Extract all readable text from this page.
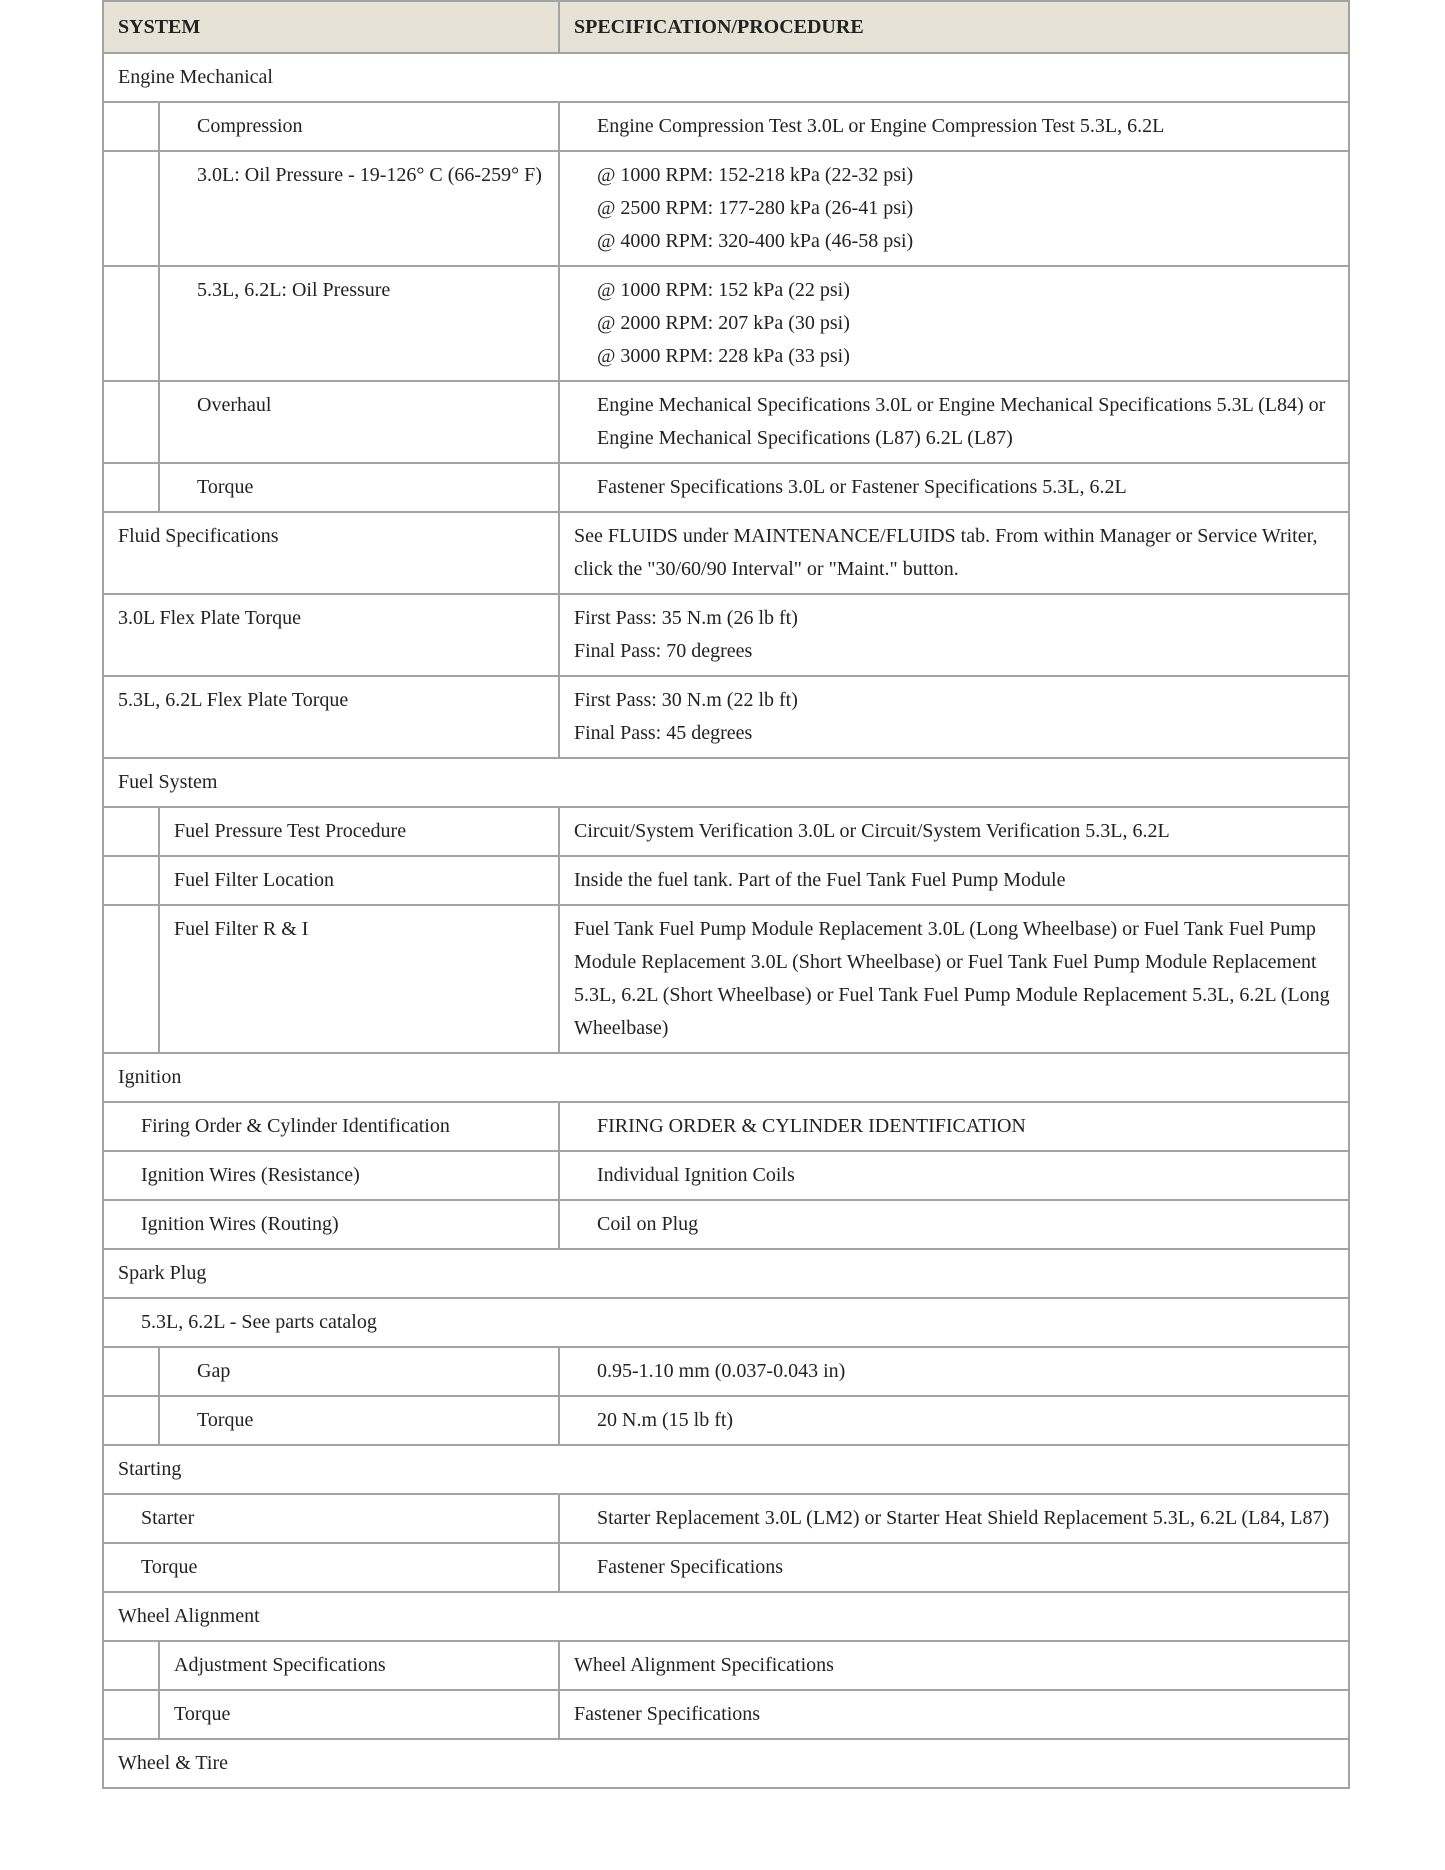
SYSTEM		SPECIFICATION/PROCEDURE

Engine Mechanical		

	Compression	Engine Compression Test 3.0L or Engine Compression Test 5.3L, 6.2L

	3.0L: Oil Pressure - 19-126° C (66-259° F)	@ 1000 RPM: 152-218 kPa (22-32 psi)
@ 2500 RPM: 177-280 kPa (26-41 psi)
@ 4000 RPM: 320-400 kPa (46-58 psi)

	5.3L, 6.2L: Oil Pressure	@ 1000 RPM: 152 kPa (22 psi)
@ 2000 RPM: 207 kPa (30 psi)
@ 3000 RPM: 228 kPa (33 psi)

	Overhaul	Engine Mechanical Specifications 3.0L or Engine Mechanical Specifications 5.3L (L84) or Engine Mechanical Specifications (L87) 6.2L (L87)

	Torque	Fastener Specifications 3.0L or Fastener Specifications 5.3L, 6.2L

Fluid Specifications		See FLUIDS under MAINTENANCE/FLUIDS tab. From within Manager or Service Writer, click the "30/60/90 Interval" or "Maint." button.

3.0L Flex Plate Torque		First Pass: 35 N.m (26 lb ft)
Final Pass: 70 degrees

5.3L, 6.2L Flex Plate Torque		First Pass: 30 N.m (22 lb ft)
Final Pass: 45 degrees

Fuel System		

	Fuel Pressure Test Procedure	Circuit/System Verification 3.0L or Circuit/System Verification 5.3L, 6.2L

	Fuel Filter Location	Inside the fuel tank. Part of the Fuel Tank Fuel Pump Module

	Fuel Filter R & I	Fuel Tank Fuel Pump Module Replacement 3.0L (Long Wheelbase) or Fuel Tank Fuel Pump Module Replacement 3.0L (Short Wheelbase) or Fuel Tank Fuel Pump Module Replacement 5.3L, 6.2L (Short Wheelbase) or Fuel Tank Fuel Pump Module Replacement 5.3L, 6.2L (Long Wheelbase)

Ignition		

Firing Order & Cylinder Identification		FIRING ORDER & CYLINDER IDENTIFICATION

Ignition Wires (Resistance)		Individual Ignition Coils

Ignition Wires (Routing)		Coil on Plug

Spark Plug		

5.3L, 6.2L - See parts catalog		

	Gap	0.95-1.10 mm (0.037-0.043 in)

	Torque	20 N.m (15 lb ft)

Starting		

Starter		Starter Replacement 3.0L (LM2) or Starter Heat Shield Replacement 5.3L, 6.2L (L84, L87)

Torque		Fastener Specifications

Wheel Alignment		

	Adjustment Specifications	Wheel Alignment Specifications

	Torque	Fastener Specifications

Wheel & Tire		
